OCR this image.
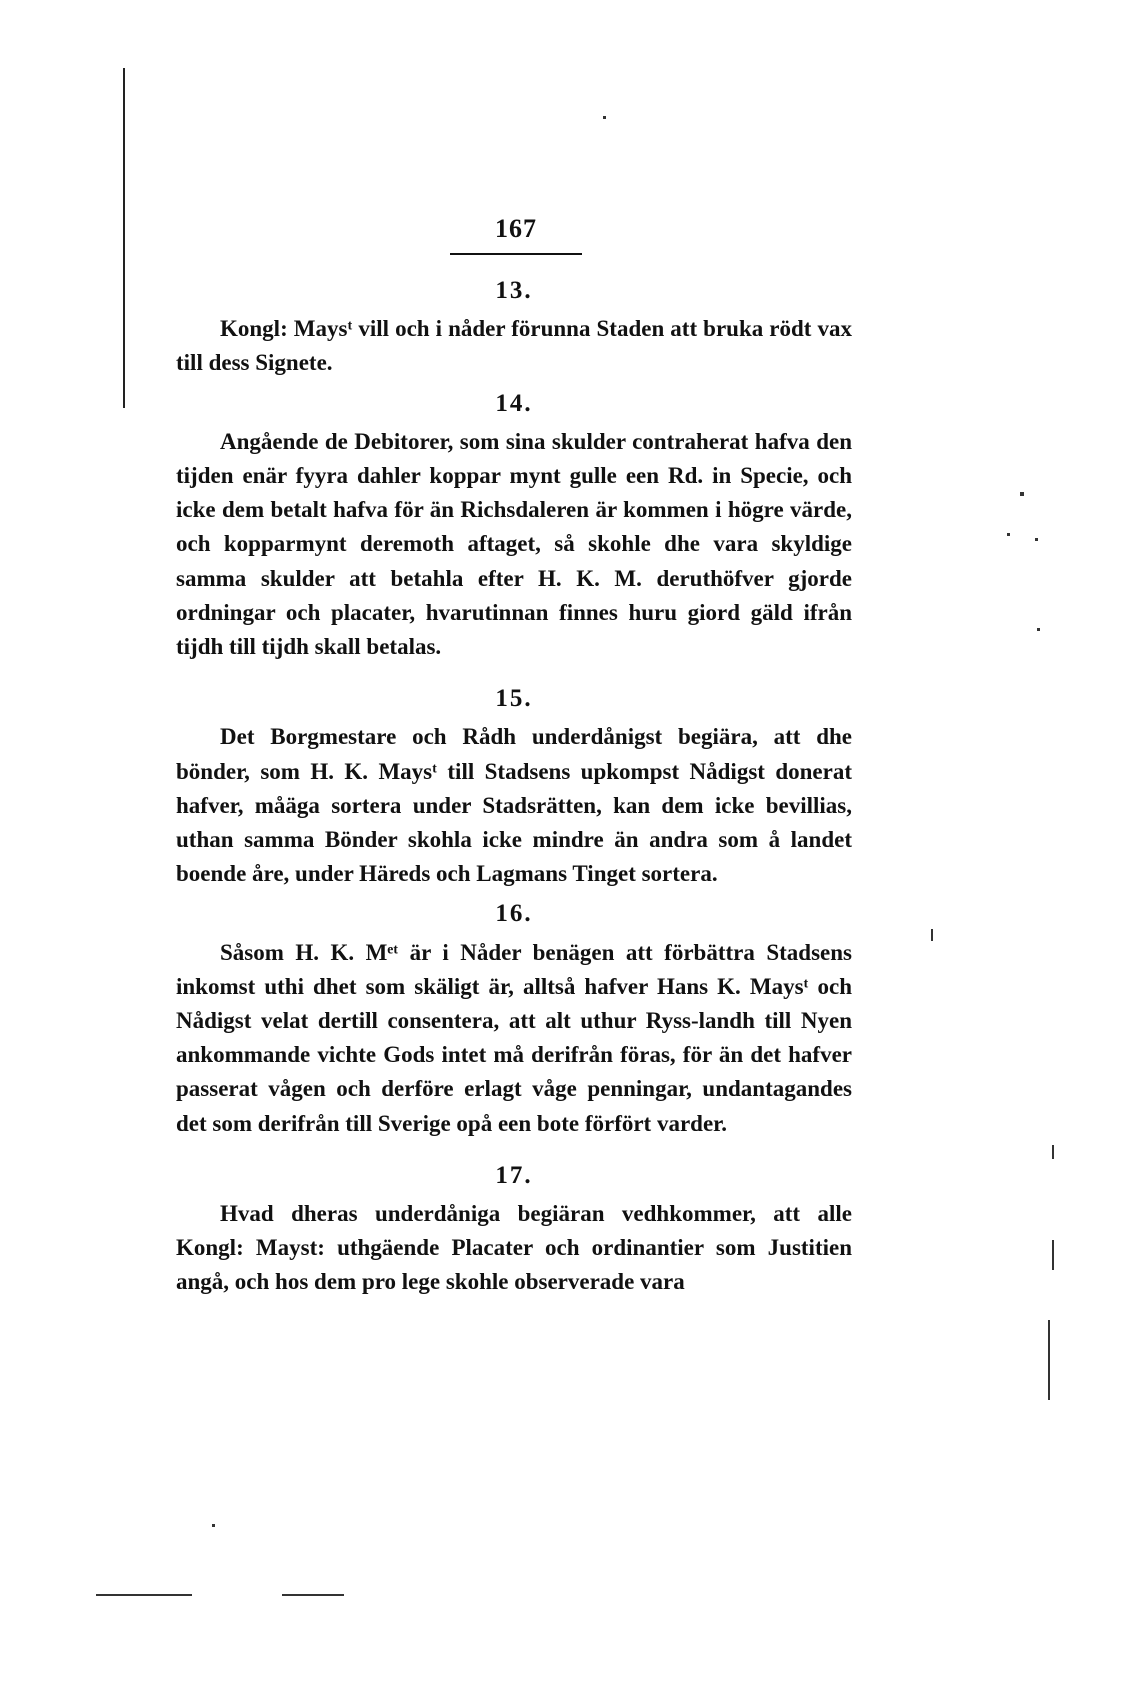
167
13.

Kongl: Maysᵗ vill och i nåder förunna Staden att bruka rödt vax till dess Signete.

14.

Angående de Debitorer, som sina skulder contraherat hafva den tijden enär fyyra dahler koppar mynt gulle een Rd. in Specie, och icke dem betalt hafva för än Richsdaleren är kommen i högre värde, och kopparmynt deremoth aftaget, så skohle dhe vara skyldige samma skulder att betahla efter H. K. M. deruthöfver gjorde ordningar och placater, hvarutinnan finnes huru giord gäld ifrån tijdh till tijdh skall betalas.

15.

Det Borgmestare och Rådh underdånigst begiära, att dhe bönder, som H. K. Maysᵗ till Stadsens upkompst Nådigst donerat hafver, måäga sortera under Stadsrätten, kan dem icke bevillias, uthan samma Bönder skohla icke mindre än andra som å landet boende åre, under Häreds och Lagmans Tinget sortera.

16.

Såsom H. K. Mᵉᵗ är i Nåder benägen att förbättra Stadsens inkomst uthi dhet som skäligt är, alltså hafver Hans K. Maysᵗ och Nådigst velat dertill consentera, att alt uthur Ryss-landh till Nyen ankommande vichte Gods intet må derifrån föras, för än det hafver passerat vågen och derföre erlagt våge penningar, undantagandes det som derifrån till Sverige opå een bote förfört varder.

17.

Hvad dheras underdåniga begiäran vedhkommer, att alle Kongl: Mayst: uthgäende Placater och ordinantier som Justitien angå, och hos dem pro lege skohle observerade vara
